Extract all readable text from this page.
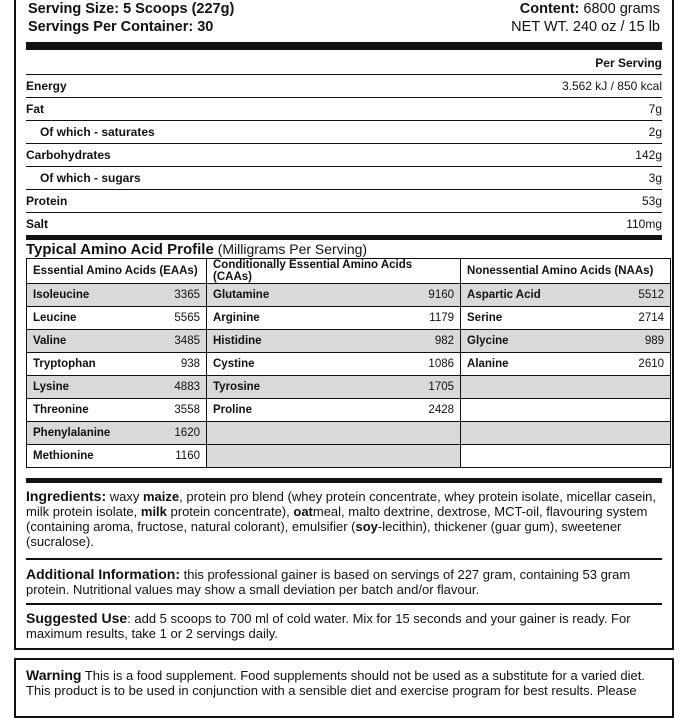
Serving Size: 5 Scoops (227g)
Servings Per Container: 30
Content: 6800 grams
NET WT. 240 oz / 15 lb
Per Serving
Energy	3.562 kJ / 850 kcal
Fat	7g
Of which - saturates	2g
Carbohydrates	142g
Of which - sugars	3g
Protein	53g
Salt	110mg
Typical Amino Acid Profile (Milligrams Per Serving)
Essential Amino Acids (EAAs)		Conditionally Essential Amino Acids (CAAs)		Nonessential Amino Acids (NAAs)	
Isoleucine	3365	Glutamine	9160	Aspartic Acid	5512
Leucine	5565	Arginine	1179	Serine	2714
Valine	3485	Histidine	982	Glycine	989
Tryptophan	938	Cystine	1086	Alanine	2610
Lysine	4883	Tyrosine	1705		
Threonine	3558	Proline	2428		
Phenylalanine	1620				
Methionine	1160				
Ingredients: waxy maize, protein pro blend (whey protein concentrate, whey protein isolate, micellar casein, milk protein isolate, milk protein concentrate), oatmeal, malto dextrine, dextrose, MCT-oil, flavouring system (containing aroma, fructose, natural colorant), emulsifier (soy-lecithin), thickener (guar gum), sweetener (sucralose).
Additional Information: this professional gainer is based on servings of 227 gram, containing 53 gram protein. Nutritional values may show a small deviation per batch and/or flavour.
Suggested Use: add 5 scoops to 700 ml of cold water. Mix for 15 seconds and your gainer is ready. For maximum results, take 1 or 2 servings daily.
Warning This is a food supplement. Food supplements should not be used as a substitute for a varied diet. This product is to be used in conjunction with a sensible diet and exercise program for best results. Please
